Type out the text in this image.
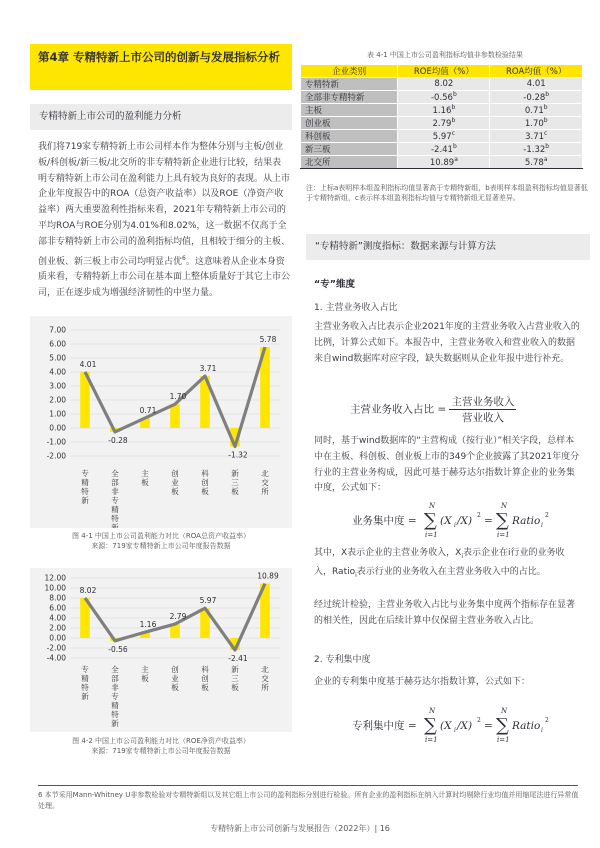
第4章 专精特新上市公司的创新与发展指标分析
专精特新上市公司的盈利能力分析
我们将719家专精特新上市公司样本作为整体分别与主板/创业板/科创板/新三板/北交所的非专精特新企业进行比较，结果表明专精特新上市公司在盈利能力上具有较为良好的表现。从上市企业年度报告中的ROA（总资产收益率）以及ROE（净资产收益率）两大重要盈利性指标来看，2021年专精特新上市公司的平均ROA与ROE分别为4.01%和8.02%，这一数据不仅高于全部非专精特新上市公司的盈利指标均值，且相较于细分的主板、创业板、新三板上市公司均明显占优$^6$。这意味着从企业本身资质来看，专精特新上市公司在基本面上整体质量好于其它上市公司，正在逐步成为增强经济韧性的中坚力量。
7.00
6.00
5.00
4.00
3.00
2.00
1.00
0.00
-1.00
-2.00
4.01
-0.28
0.71
1.70
3.71
-1.32
5.78
专
精
特
新
全
部
非
专
精
特
新
主
板
创
业
板
科
创
板
新
三
板
北
交
所
图 4-1 中国上市公司盈利能力对比（ROA总资产收益率）
来源：719家专精特新上市公司年度报告数据
12.00
10.00
8.00
6.00
4.00
2.00
0.00
-2.00
-4.00
8.02
-0.56
1.16
2.79
5.97
-2.41
10.89
专
精
特
新
全
部
非
专
精
特
新
主
板
创
业
板
科
创
板
新
三
板
北
交
所
图 4-2 中国上市公司盈利能力对比（ROE净资产收益率）
来源：719家专精特新上市公司年度报告数据
表 4-1 中国上市公司盈利指标均值非参数检验结果
企业类别	ROE均值（%）	ROA均值（%）
专精特新	8.02	4.01
全部非专精特新	-0.56$^b$	-0.28$^b$
主板	1.16$^b$	0.71$^b$
创业板	2.79$^b$	1.70$^b$
科创板	5.97$^c$	3.71$^c$
新三板	-2.41$^b$	-1.32$^b$
北交所	10.89$^a$	5.78$^a$
注：上标a表明样本组盈利指标均值显著高于专精特新组，b表明样本组盈利指标均值显著低于专精特新组，c表示样本组盈利指标均值与专精特新组无显著差异。
“专精特新”测度指标：数据来源与计算方法
“专”维度
1. 主营业务收入占比
主营业务收入占比表示企业2021年度的主营业务收入占营业收入的比例，计算公式如下。本报告中，主营业务收入和营业收入的数据来自wind数据库对应字段，缺失数据则从企业年报中进行补充。
主营业务收入占比 = $\frac{\text{主营业务收入}}{\text{营业收入}}$
同时，基于wind数据库的“主营构成（按行业）”相关字段，总样本中在主板、科创板、创业板上市的349个企业披露了其2021年度分行业的主营业务构成，因此可基于赫芬达尔指数计算企业的业务集中度，公式如下：
业务集中度 =
N
∑
i=1
(X i /X) 2 =
N
∑
i=1
Ratio i
2
其中，X表示企业的主营业务收入，$X_i$表示企业在i行业的业务收入，Ratio$_i$表示行业的业务收入在主营业务收入中的占比。
经过统计检验，主营业务收入占比与业务集中度两个指标存在显著的相关性，因此在后续计算中仅保留主营业务收入占比。
2. 专利集中度
企业的专利集中度基于赫芬达尔指数计算，公式如下：
专利集中度 =
N
∑
i=1
(X i /X) 2 =
N
∑
i=1
Ratio i
2
6 本节采用Mann-Whitney U非参数检验对专精特新组以及其它组上市公司的盈利指标分别进行检验。所有企业的盈利指标在纳入计算时均剔除行业均值并用缩尾法进行异常值处理。
专精特新上市公司创新与发展报告（2022年）| 16
